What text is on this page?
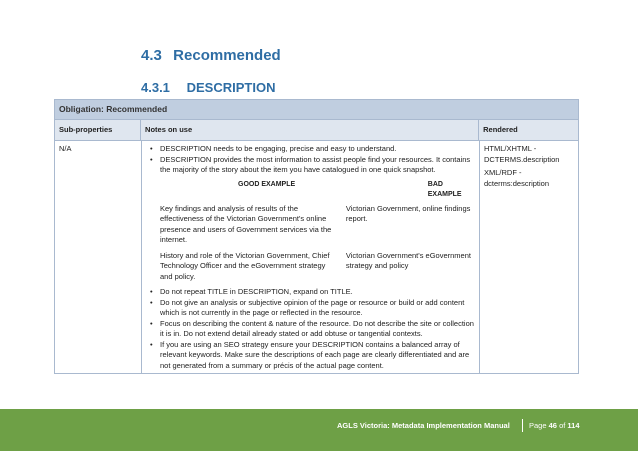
4.3 Recommended
4.3.1 DESCRIPTION
Obligation: Recommended
Sub-properties	Notes on use	Rendered
N/A
•	DESCRIPTION needs to be engaging, precise and easy to understand.
• DESCRIPTION provides the most information to assist people find your resources. It contains the majority of the story about the item you have catalogued in one quick snapshot.
GOOD EXAMPLE	BAD EXAMPLE
Key findings and analysis of results of the effectiveness of the Victorian Government's online presence and users of Government services via the internet.
Victorian Government, online findings report.
History and role of the Victorian Government, Chief Technology Officer and the eGovernment strategy and policy.
Victorian Government's eGovernment strategy and policy
• Do not repeat TITLE in DESCRIPTION, expand on TITLE.
• Do not give an analysis or subjective opinion of the page or resource or build or add content which is not currently in the page or reflected in the resource.
• Focus on describing the content & nature of the resource. Do not describe the site or collection it is in. Do not extend detail already stated or add obtuse or tangential contexts.
• If you are using an SEO strategy ensure your DESCRIPTION contains a balanced array of relevant keywords. Make sure the descriptions of each page are clearly differentiated and are not generated from a summary or précis of the actual page content.

HTML/XHTML - DCTERMS.description

XML/RDF - dcterms:description

AGLS Victoria: Metadata Implementation Manual	Page 46 of 114
